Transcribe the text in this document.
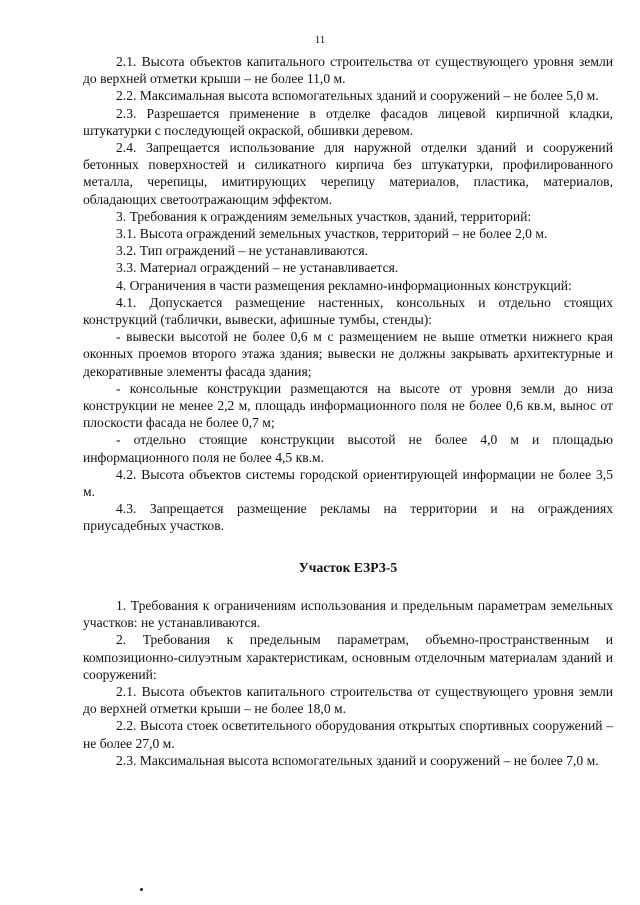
11

2.1. Высота объектов капитального строительства от существующего уровня земли до верхней отметки крыши – не более 11,0 м.

2.2. Максимальная высота вспомогательных зданий и сооружений – не более 5,0 м.

2.3. Разрешается применение в отделке фасадов лицевой кирпичной кладки, штукатурки с последующей окраской, обшивки деревом.

2.4. Запрещается использование для наружной отделки зданий и сооружений бетонных поверхностей и силикатного кирпича без штукатурки, профилированного металла, черепицы, имитирующих черепицу материалов, пластика, материалов, обладающих светоотражающим эффектом.

3. Требования к ограждениям земельных участков, зданий, территорий:

3.1. Высота ограждений земельных участков, территорий – не более 2,0 м.

3.2. Тип ограждений – не устанавливаются.

3.3. Материал ограждений – не устанавливается.

4. Ограничения в части размещения рекламно-информационных конструкций:

4.1. Допускается размещение настенных, консольных и отдельно стоящих конструкций (таблички, вывески, афишные тумбы, стенды):

- вывески высотой не более 0,6 м с размещением не выше отметки нижнего края оконных проемов второго этажа здания; вывески не должны закрывать архитектурные и декоративные элементы фасада здания;

- консольные конструкции размещаются на высоте от уровня земли до низа конструкции не менее 2,2 м, площадь информационного поля не более 0,6 кв.м, вынос от плоскости фасада не более 0,7 м;

- отдельно стоящие конструкции высотой не более 4,0 м и площадью информационного поля не более 4,5 кв.м.

4.2. Высота объектов системы городской ориентирующей информации не более 3,5 м.

4.3. Запрещается размещение рекламы на территории и на ограждениях приусадебных участков.

Участок ЕЗРЗ-5

1. Требования к ограничениям использования и предельным параметрам земельных участков: не устанавливаются.

2. Требования к предельным параметрам, объемно-пространственным и композиционно-силуэтным характеристикам, основным отделочным материалам зданий и сооружений:

2.1. Высота объектов капитального строительства от существующего уровня земли до верхней отметки крыши – не более 18,0 м.

2.2. Высота стоек осветительного оборудования открытых спортивных сооружений – не более 27,0 м.

2.3. Максимальная высота вспомогательных зданий и сооружений – не более 7,0 м.
